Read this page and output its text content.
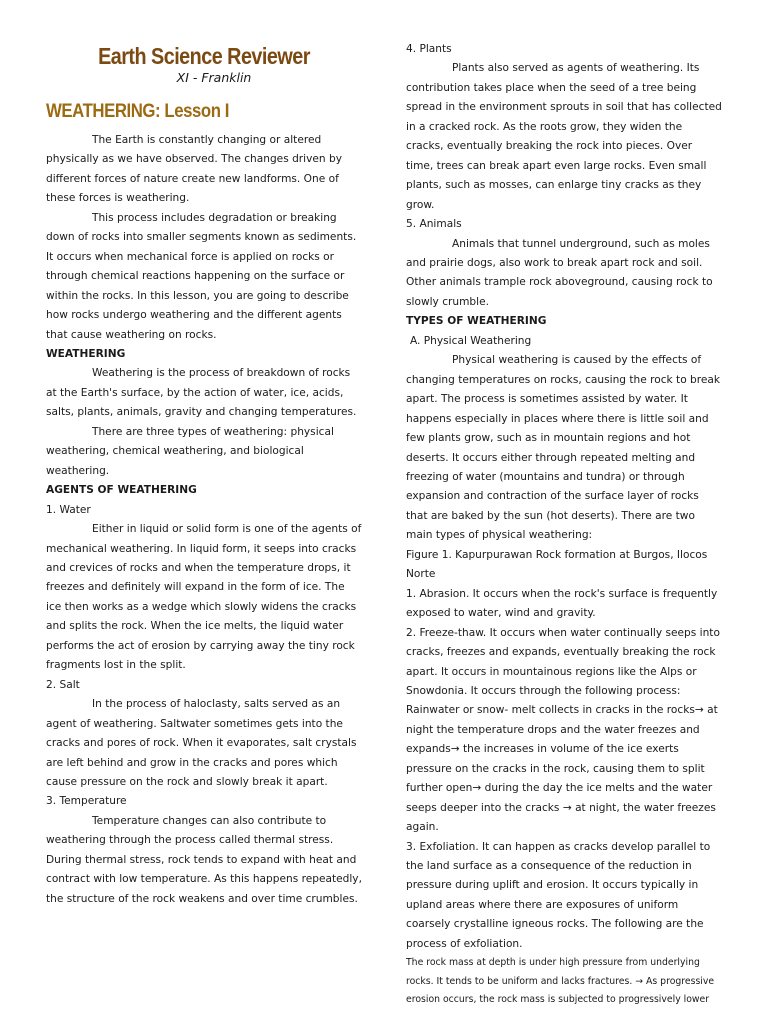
Earth Science Reviewer
XI - Franklin
WEATHERING: Lesson I

The Earth is constantly changing or altered physically as we have observed. The changes driven by different forces of nature create new landforms. One of these forces is weathering.

This process includes degradation or breaking down of rocks into smaller segments known as sediments. It occurs when mechanical force is applied on rocks or through chemical reactions happening on the surface or within the rocks. In this lesson, you are going to describe how rocks undergo weathering and the different agents that cause weathering on rocks.

WEATHERING

Weathering is the process of breakdown of rocks at the Earth's surface, by the action of water, ice, acids, salts, plants, animals, gravity and changing temperatures.

There are three types of weathering: physical weathering, chemical weathering, and biological weathering.

AGENTS OF WEATHERING

1. Water

Either in liquid or solid form is one of the agents of mechanical weathering. In liquid form, it seeps into cracks and crevices of rocks and when the temperature drops, it freezes and definitely will expand in the form of ice. The ice then works as a wedge which slowly widens the cracks and splits the rock. When the ice melts, the liquid water performs the act of erosion by carrying away the tiny rock fragments lost in the split.

2. Salt

In the process of haloclasty, salts served as an agent of weathering. Saltwater sometimes gets into the cracks and pores of rock. When it evaporates, salt crystals are left behind and grow in the cracks and pores which cause pressure on the rock and slowly break it apart.

3. Temperature

Temperature changes can also contribute to weathering through the process called thermal stress. During thermal stress, rock tends to expand with heat and contract with low temperature. As this happens repeatedly, the structure of the rock weakens and over time crumbles.

4. Plants

Plants also served as agents of weathering. Its contribution takes place when the seed of a tree being spread in the environment sprouts in soil that has collected in a cracked rock. As the roots grow, they widen the cracks, eventually breaking the rock into pieces. Over time, trees can break apart even large rocks. Even small plants, such as mosses, can enlarge tiny cracks as they grow.

5. Animals

Animals that tunnel underground, such as moles and prairie dogs, also work to break apart rock and soil. Other animals trample rock aboveground, causing rock to slowly crumble.

TYPES OF WEATHERING

A. Physical Weathering

Physical weathering is caused by the effects of changing temperatures on rocks, causing the rock to break apart. The process is sometimes assisted by water. It happens especially in places where there is little soil and few plants grow, such as in mountain regions and hot deserts. It occurs either through repeated melting and freezing of water (mountains and tundra) or through expansion and contraction of the surface layer of rocks that are baked by the sun (hot deserts). There are two main types of physical weathering:

Figure 1. Kapurpurawan Rock formation at Burgos, Ilocos Norte

1. Abrasion. It occurs when the rock's surface is frequently exposed to water, wind and gravity.

2. Freeze-thaw. It occurs when water continually seeps into cracks, freezes and expands, eventually breaking the rock apart. It occurs in mountainous regions like the Alps or Snowdonia. It occurs through the following process: Rainwater or snow- melt collects in cracks in the rocks→ at night the temperature drops and the water freezes and expands→ the increases in volume of the ice exerts pressure on the cracks in the rock, causing them to split further open→ during the day the ice melts and the water seeps deeper into the cracks → at night, the water freezes again.

3. Exfoliation. It can happen as cracks develop parallel to the land surface as a consequence of the reduction in pressure during uplift and erosion. It occurs typically in upland areas where there are exposures of uniform coarsely crystalline igneous rocks. The following are the process of exfoliation.

The rock mass at depth is under high pressure from underlying rocks. It tends to be uniform and lacks fractures. → As progressive erosion occurs, the rock mass is subjected to progressively lower
